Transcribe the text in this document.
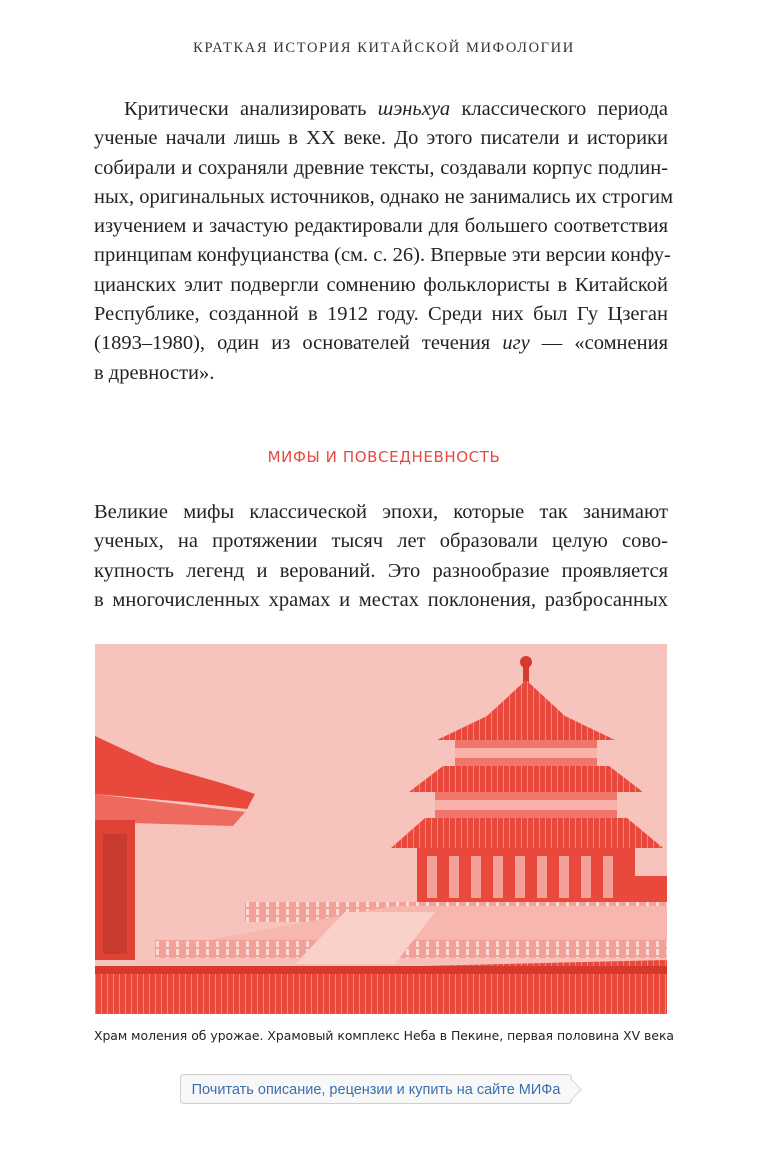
КРАТКАЯ ИСТОРИЯ КИТАЙСКОЙ МИФОЛОГИИ
Критически анализировать шэньхуа классического периода
ученые начали лишь в XX веке. До этого писатели и историки
собирали и сохраняли древние тексты, создавали корпус подлин-
ных, оригинальных источников, однако не занимались их строгим
изучением и зачастую редактировали для большего соответствия
принципам конфуцианства (см. с. 26). Впервые эти версии конфу-
цианских элит подвергли сомнению фольклористы в Китайской
Республике, созданной в 1912 году. Среди них был Гу Цзеган
(1893–1980), один из основателей течения игу — «сомнения
в древности».
МИФЫ И ПОВСЕДНЕВНОСТЬ
Великие мифы классической эпохи, которые так занимают
ученых, на протяжении тысяч лет образовали целую сово-
купность легенд и верований. Это разнообразие проявляется
в многочисленных храмах и местах поклонения, разбросанных
Храм моления об урожае. Храмовый комплекс Неба в Пекине, первая половина XV века
Почитать описание, рецензии и купить на сайте МИФа
